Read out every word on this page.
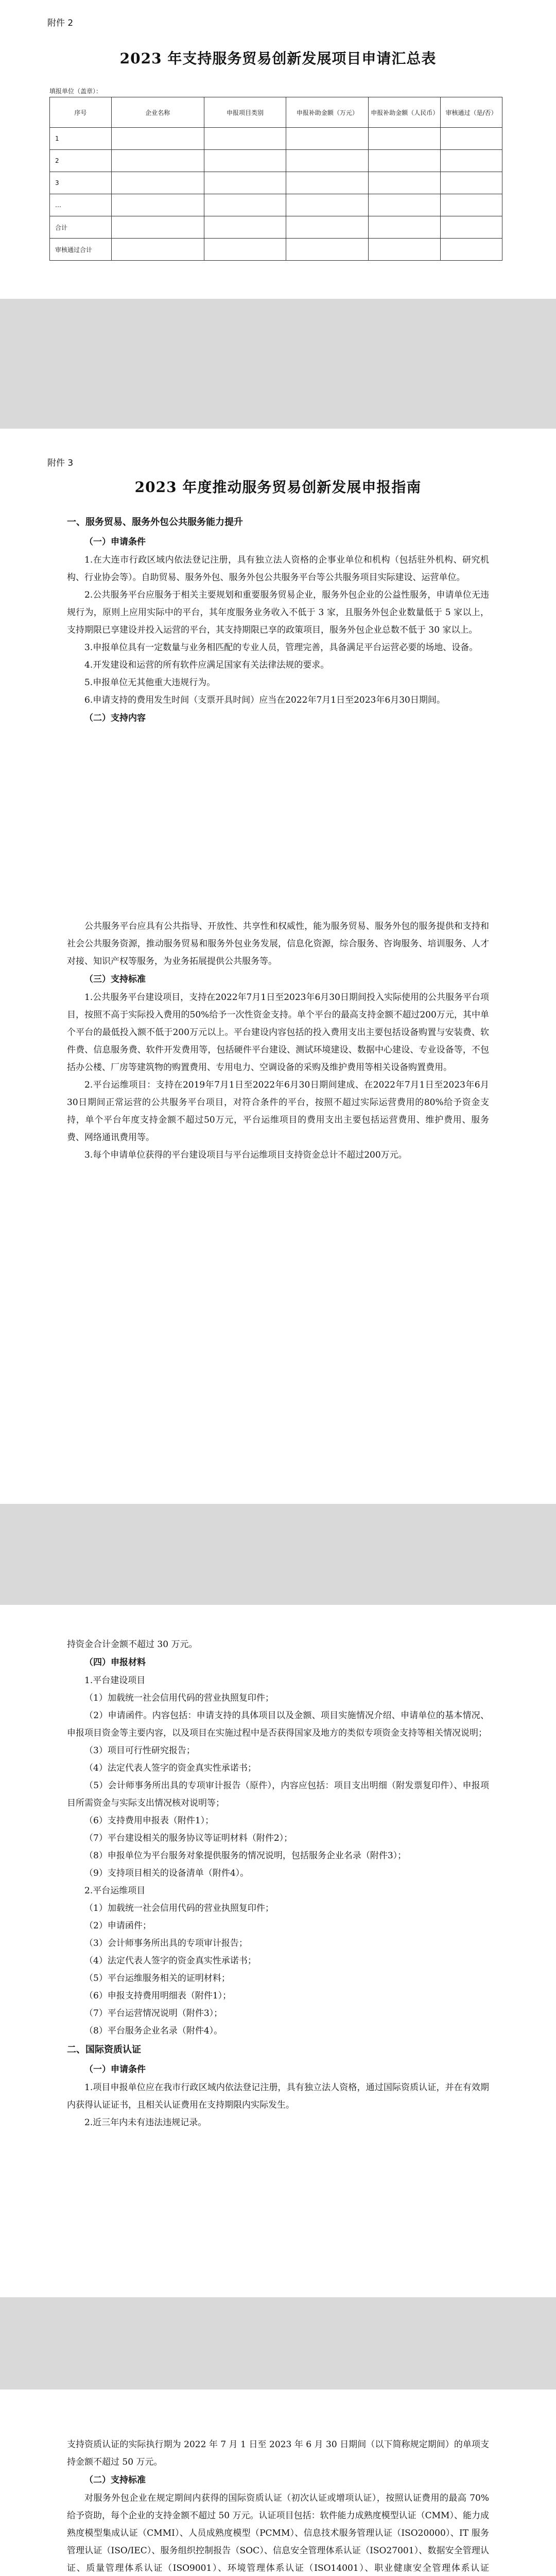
附件 2
2023 年支持服务贸易创新发展项目申请汇总表
填报单位（盖章）：
序号	企业名称	申报项目类别	申报补助金额（万元）	申报补助金额（人民币）	审核通过（是/否）
1					
2					
3					
…					
合计					
审核通过合计					
附件 3
2023 年度推动服务贸易创新发展申报指南
一、服务贸易、服务外包公共服务能力提升
（一）申请条件

1.在大连市行政区域内依法登记注册，具有独立法人资格的企事业单位和机构（包括驻外机构、研究机构、行业协会等）。自助贸易、服务外包、服务外包公共服务平台等公共服务项目实际建设、运营单位。

2.公共服务平台应服务于相关主要规划和重要服务贸易企业，服务外包企业的公益性服务，申请单位无违规行为，原则上应用实际中的平台，其年度服务业务收入不低于 3 家，且服务外包企业数量低于 5 家以上，支持期限已享建设并投入运营的平台，其支持期限已享的政策项目，服务外包企业总数不低于 30 家以上。

3.申报单位具有一定数量与业务相匹配的专业人员，管理完善，具备满足平台运营必要的场地、设备。

4.开发建设和运营的所有软件应满足国家有关法律法规的要求。

5.申报单位无其他重大违规行为。

6.申请支持的费用发生时间（支票开具时间）应当在2022年7月1日至2023年6月30日期间。

（二）支持内容

公共服务平台应具有公共指导、开放性、共享性和权威性，能为服务贸易、服务外包的服务提供和支持和社会公共服务资源，推动服务贸易和服务外包业务发展，信息化资源，综合服务、咨询服务、培训服务、人才对接、知识产权等服务，为业务拓展提供公共服务等。

（三）支持标准

1.公共服务平台建设项目，支持在2022年7月1日至2023年6月30日期间投入实际使用的公共服务平台项目，按照不高于实际投入费用的50%给予一次性资金支持。单个平台的最高支持金额不超过200万元，其中单个平台的最低投入额不低于200万元以上。平台建设内容包括的投入费用支出主要包括设备购置与安装费、软件费、信息服务费、软件开发费用等，包括硬件平台建设、测试环境建设、数据中心建设、专业设备等，不包括办公楼、厂房等建筑物的购置费用、专用电力、空调设备的采购及维护费用等相关设备购置费用。

2.平台运维项目：支持在2019年7月1日至2022年6月30日期间建成、在2022年7月1日至2023年6月30日期间正常运营的公共服务平台项目，对符合条件的平台，按照不超过实际运营费用的80%给予资金支持，单个平台年度支持金额不超过50万元，平台运维项目的费用支出主要包括运营费用、维护费用、服务费、网络通讯费用等。

3.每个申请单位获得的平台建设项目与平台运维项目支持资金总计不超过200万元。

持资金合计金额不超过 30 万元。

（四）申报材料

1.平台建设项目

（1）加载统一社会信用代码的营业执照复印件；

（2）申请函件。内容包括：申请支持的具体项目以及金额、项目实施情况介绍、申请单位的基本情况、申报项目资金等主要内容，以及项目在实施过程中是否获得国家及地方的类似专项资金支持等相关情况说明；

（3）项目可行性研究报告；

（4）法定代表人签字的资金真实性承诺书；

（5）会计师事务所出具的专项审计报告（原件），内容应包括：项目支出明细（附发票复印件）、申报项目所需资金与实际支出情况核对说明等；

（6）支持费用申报表（附件1）；

（7）平台建设相关的服务协议等证明材料（附件2）；

（8）申报单位为平台服务对象提供服务的情况说明，包括服务企业名录（附件3）；

（9）支持项目相关的设备清单（附件4）。

2.平台运维项目

（1）加载统一社会信用代码的营业执照复印件；

（2）申请函件；

（3）会计师事务所出具的专项审计报告；

（4）法定代表人签字的资金真实性承诺书；

（5）平台运维服务相关的证明材料；

（6）申报支持费用明细表（附件1）；

（7）平台运营情况说明（附件3）；

（8）平台服务企业名录（附件4）。

二、国际资质认证
（一）申请条件

1.项目申报单位应在我市行政区域内依法登记注册，具有独立法人资格，通过国际资质认证，并在有效期内获得认证证书，且相关认证费用在支持期限内实际发生。

2.近三年内未有违法违规记录。

支持资质认证的实际执行期为 2022 年 7 月 1 日至 2023 年 6 月 30 日期间（以下简称规定期间）的单项支持金额不超过 50 万元。

（二）支持标准

对服务外包企业在规定期间内获得的国际资质认证（初次认证或增项认证），按照认证费用的最高 70% 给予资助，每个企业的支持金额不超过 50 万元。认证项目包括：软件能力成熟度模型认证（CMM）、能力成熟度模型集成认证（CMMI）、人员成熟度模型（PCMM）、信息技术服务管理认证（ISO20000）、IT 服务管理认证（ISO/IEC）、服务组织控制报告（SOC）、信息安全管理体系认证（ISO27001）、数据安全管理认证、质量管理体系认证（ISO9001）、环境管理体系认证（ISO14001）、职业健康安全管理体系认证
